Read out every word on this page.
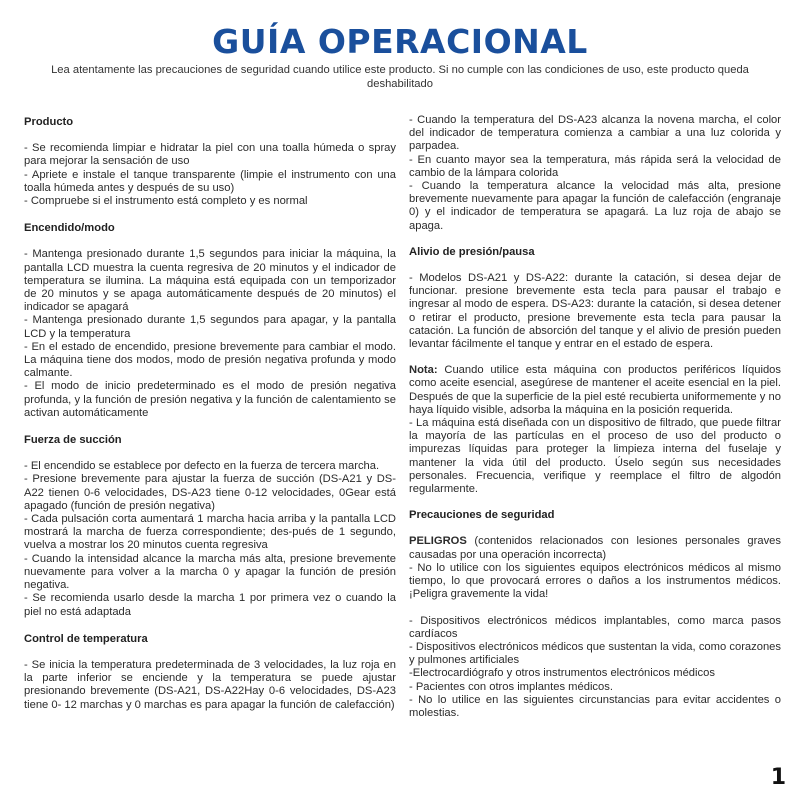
GUÍA OPERACIONAL
Lea atentamente las precauciones de seguridad cuando utilice este producto. Si no cumple con las condiciones de uso, este producto queda deshabilitado
Producto
- Se recomienda limpiar e hidratar la piel con una toalla húmeda o spray para mejorar la sensación de uso
- Apriete e instale el tanque transparente (limpie el instrumento con una toalla húmeda antes y después de su uso)
- Compruebe si el instrumento está completo y es normal
Encendido/modo
- Mantenga presionado durante 1,5 segundos para iniciar la máquina, la pantalla LCD muestra la cuenta regresiva de 20 minutos y el indicador de temperatura se ilumina. La máquina está equipada con un temporizador de 20 minutos y se apaga automáticamente después de 20 minutos) el indicador se apagará
- Mantenga presionado durante 1,5 segundos para apagar, y la pantalla LCD y la temperatura
- En el estado de encendido, presione brevemente para cambiar el modo. La máquina tiene dos modos, modo de presión negativa profunda y modo calmante.
- El modo de inicio predeterminado es el modo de presión negativa profunda, y la función de presión negativa y la función de calentamiento se activan automáticamente
Fuerza de succión
- El encendido se establece por defecto en la fuerza de tercera marcha.
- Presione brevemente para ajustar la fuerza de succión (DS-A21 y DS-A22 tienen 0-6 velocidades, DS-A23 tiene 0-12 velocidades, 0Gear está apagado (función de presión negativa)
- Cada pulsación corta aumentará 1 marcha hacia arriba y la pantalla LCD mostrará la marcha de fuerza correspondiente; des-pués de 1 segundo, vuelva a mostrar los 20 minutos cuenta regresiva
- Cuando la intensidad alcance la marcha más alta, presione brevemente nuevamente para volver a la marcha 0 y apagar la función de presión negativa.
- Se recomienda usarlo desde la marcha 1 por primera vez o cuando la piel no está adaptada
Control de temperatura
- Se inicia la temperatura predeterminada de 3 velocidades, la luz roja en la parte inferior se enciende y la temperatura se puede ajustar presionando brevemente (DS-A21, DS-A22Hay 0-6 velocidades, DS-A23 tiene 0- 12 marchas y 0 marchas es para apagar la función de calefacción)
- Cuando la temperatura del DS-A23 alcanza la novena marcha, el color del indicador de temperatura comienza a cambiar a una luz colorida y parpadea.
- En cuanto mayor sea la temperatura, más rápida será la velocidad de cambio de la lámpara colorida
- Cuando la temperatura alcance la velocidad más alta, presione brevemente nuevamente para apagar la función de calefacción (engranaje 0) y el indicador de temperatura se apagará. La luz roja de abajo se apaga.
Alivio de presión/pausa
- Modelos DS-A21 y DS-A22: durante la catación, si desea dejar de funcionar. presione brevemente esta tecla para pausar el trabajo e ingresar al modo de espera. DS-A23: durante la catación, si desea detener o retirar el producto, presione brevemente esta tecla para pausar la catación. La función de absorción del tanque y el alivio de presión pueden levantar fácilmente el tanque y entrar en el estado de espera.
Nota: Cuando utilice esta máquina con productos periféricos líquidos como aceite esencial, asegúrese de mantener el aceite esencial en la piel. Después de que la superficie de la piel esté recubierta uniformemente y no haya líquido visible, adsorba la máquina en la posición requerida.
- La máquina está diseñada con un dispositivo de filtrado, que puede filtrar la mayoría de las partículas en el proceso de uso del producto o impurezas líquidas para proteger la limpieza interna del fuselaje y mantener la vida útil del producto. Úselo según sus necesidades personales. Frecuencia, verifique y reemplace el filtro de algodón regularmente.
Precauciones de seguridad
PELIGROS (contenidos relacionados con lesiones personales graves causadas por una operación incorrecta)
- No lo utilice con los siguientes equipos electrónicos médicos al mismo tiempo, lo que provocará errores o daños a los instrumentos médicos. ¡Peligra gravemente la vida!
- Dispositivos electrónicos médicos implantables, como marca pasos cardíacos
- Dispositivos electrónicos médicos que sustentan la vida, como corazones y pulmones artificiales
-Electrocardiógrafo y otros instrumentos electrónicos médicos
- Pacientes con otros implantes médicos.
- No lo utilice en las siguientes circunstancias para evitar accidentes o molestias.
1
